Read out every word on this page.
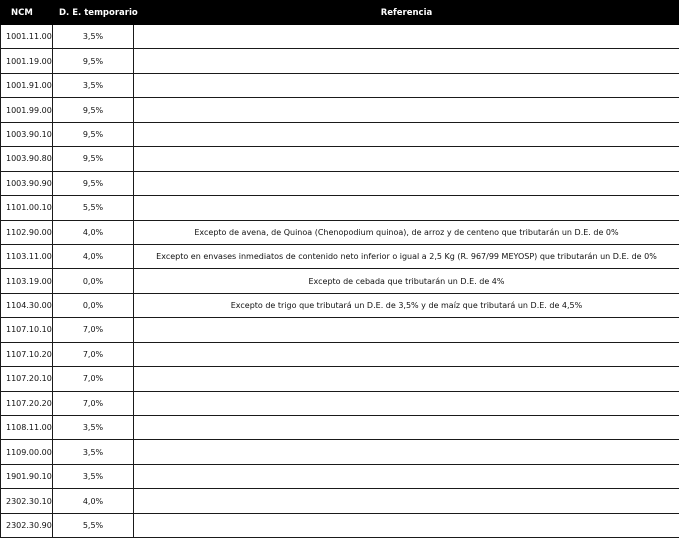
NCM	D. E. temporario	Referencia
1001.11.00	3,5%	
1001.19.00	9,5%	
1001.91.00	3,5%	
1001.99.00	9,5%	
1003.90.10	9,5%	
1003.90.80	9,5%	
1003.90.90	9,5%	
1101.00.10	5,5%	
1102.90.00	4,0%	Excepto de avena, de Quinoa (Chenopodium quinoa), de arroz y de centeno que tributarán un D.E. de 0%
1103.11.00	4,0%	Excepto en envases inmediatos de contenido neto inferior o igual a 2,5 Kg (R. 967/99 MEYOSP) que tributarán un D.E. de 0%
1103.19.00	0,0%	Excepto de cebada que tributarán un D.E. de 4%
1104.30.00	0,0%	Excepto de trigo que tributará un D.E. de 3,5% y de maíz que tributará un D.E. de 4,5%
1107.10.10	7,0%	
1107.10.20	7,0%	
1107.20.10	7,0%	
1107.20.20	7,0%	
1108.11.00	3,5%	
1109.00.00	3,5%	
1901.90.10	3,5%	
2302.30.10	4,0%	
2302.30.90	5,5%	
